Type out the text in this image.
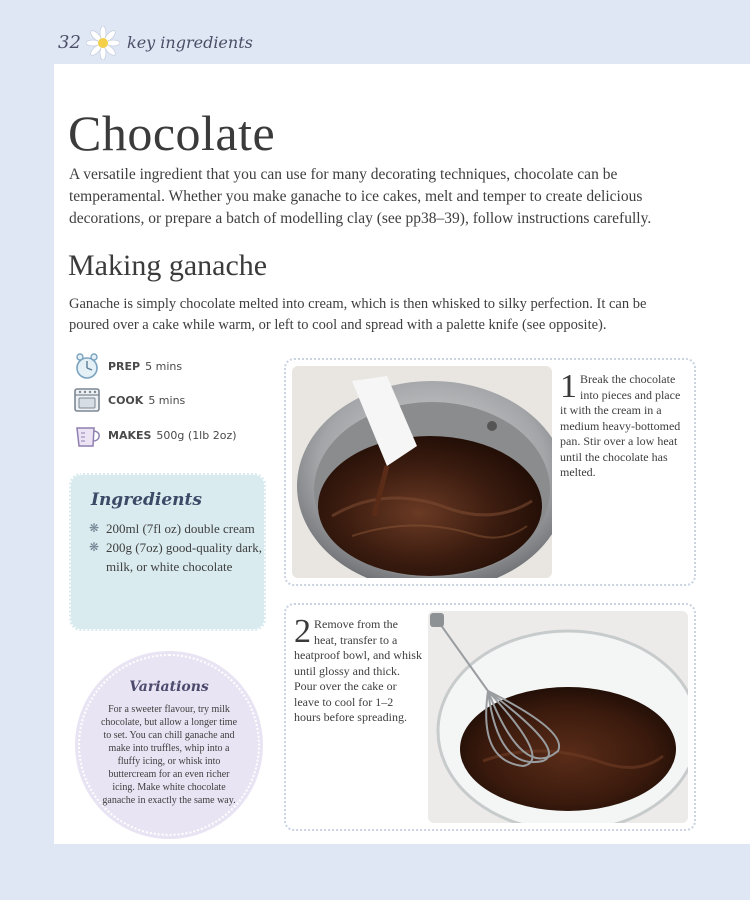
32	key ingredients
Chocolate

A versatile ingredient that you can use for many decorating techniques, chocolate can be temperamental. Whether you make ganache to ice cakes, melt and temper to create delicious decorations, or prepare a batch of modelling clay (see pp38–39), follow instructions carefully.

Making ganache

Ganache is simply chocolate melted into cream, which is then whisked to silky perfection. It can be poured over a cake while warm, or left to cool and spread with a palette knife (see opposite).

PREP 5 mins
COOK 5 mins
MAKES 500g (1lb 2oz)
Ingredients
❋ 200ml (7fl oz) double cream
❋ 200g (7oz) good-quality dark, milk, or white chocolate
Variations
For a sweeter flavour, try milk chocolate, but allow a longer time to set. You can chill ganache and make into truffles, whip into a fluffy icing, or whisk into buttercream for an even richer icing. Make white chocolate ganache in exactly the same way.
1 Break the chocolate into pieces and place it with the cream in a medium heavy-bottomed pan. Stir over a low heat until the chocolate has melted.
2 Remove from the heat, transfer to a heatproof bowl, and whisk until glossy and thick. Pour over the cake or leave to cool for 1–2 hours before spreading.
